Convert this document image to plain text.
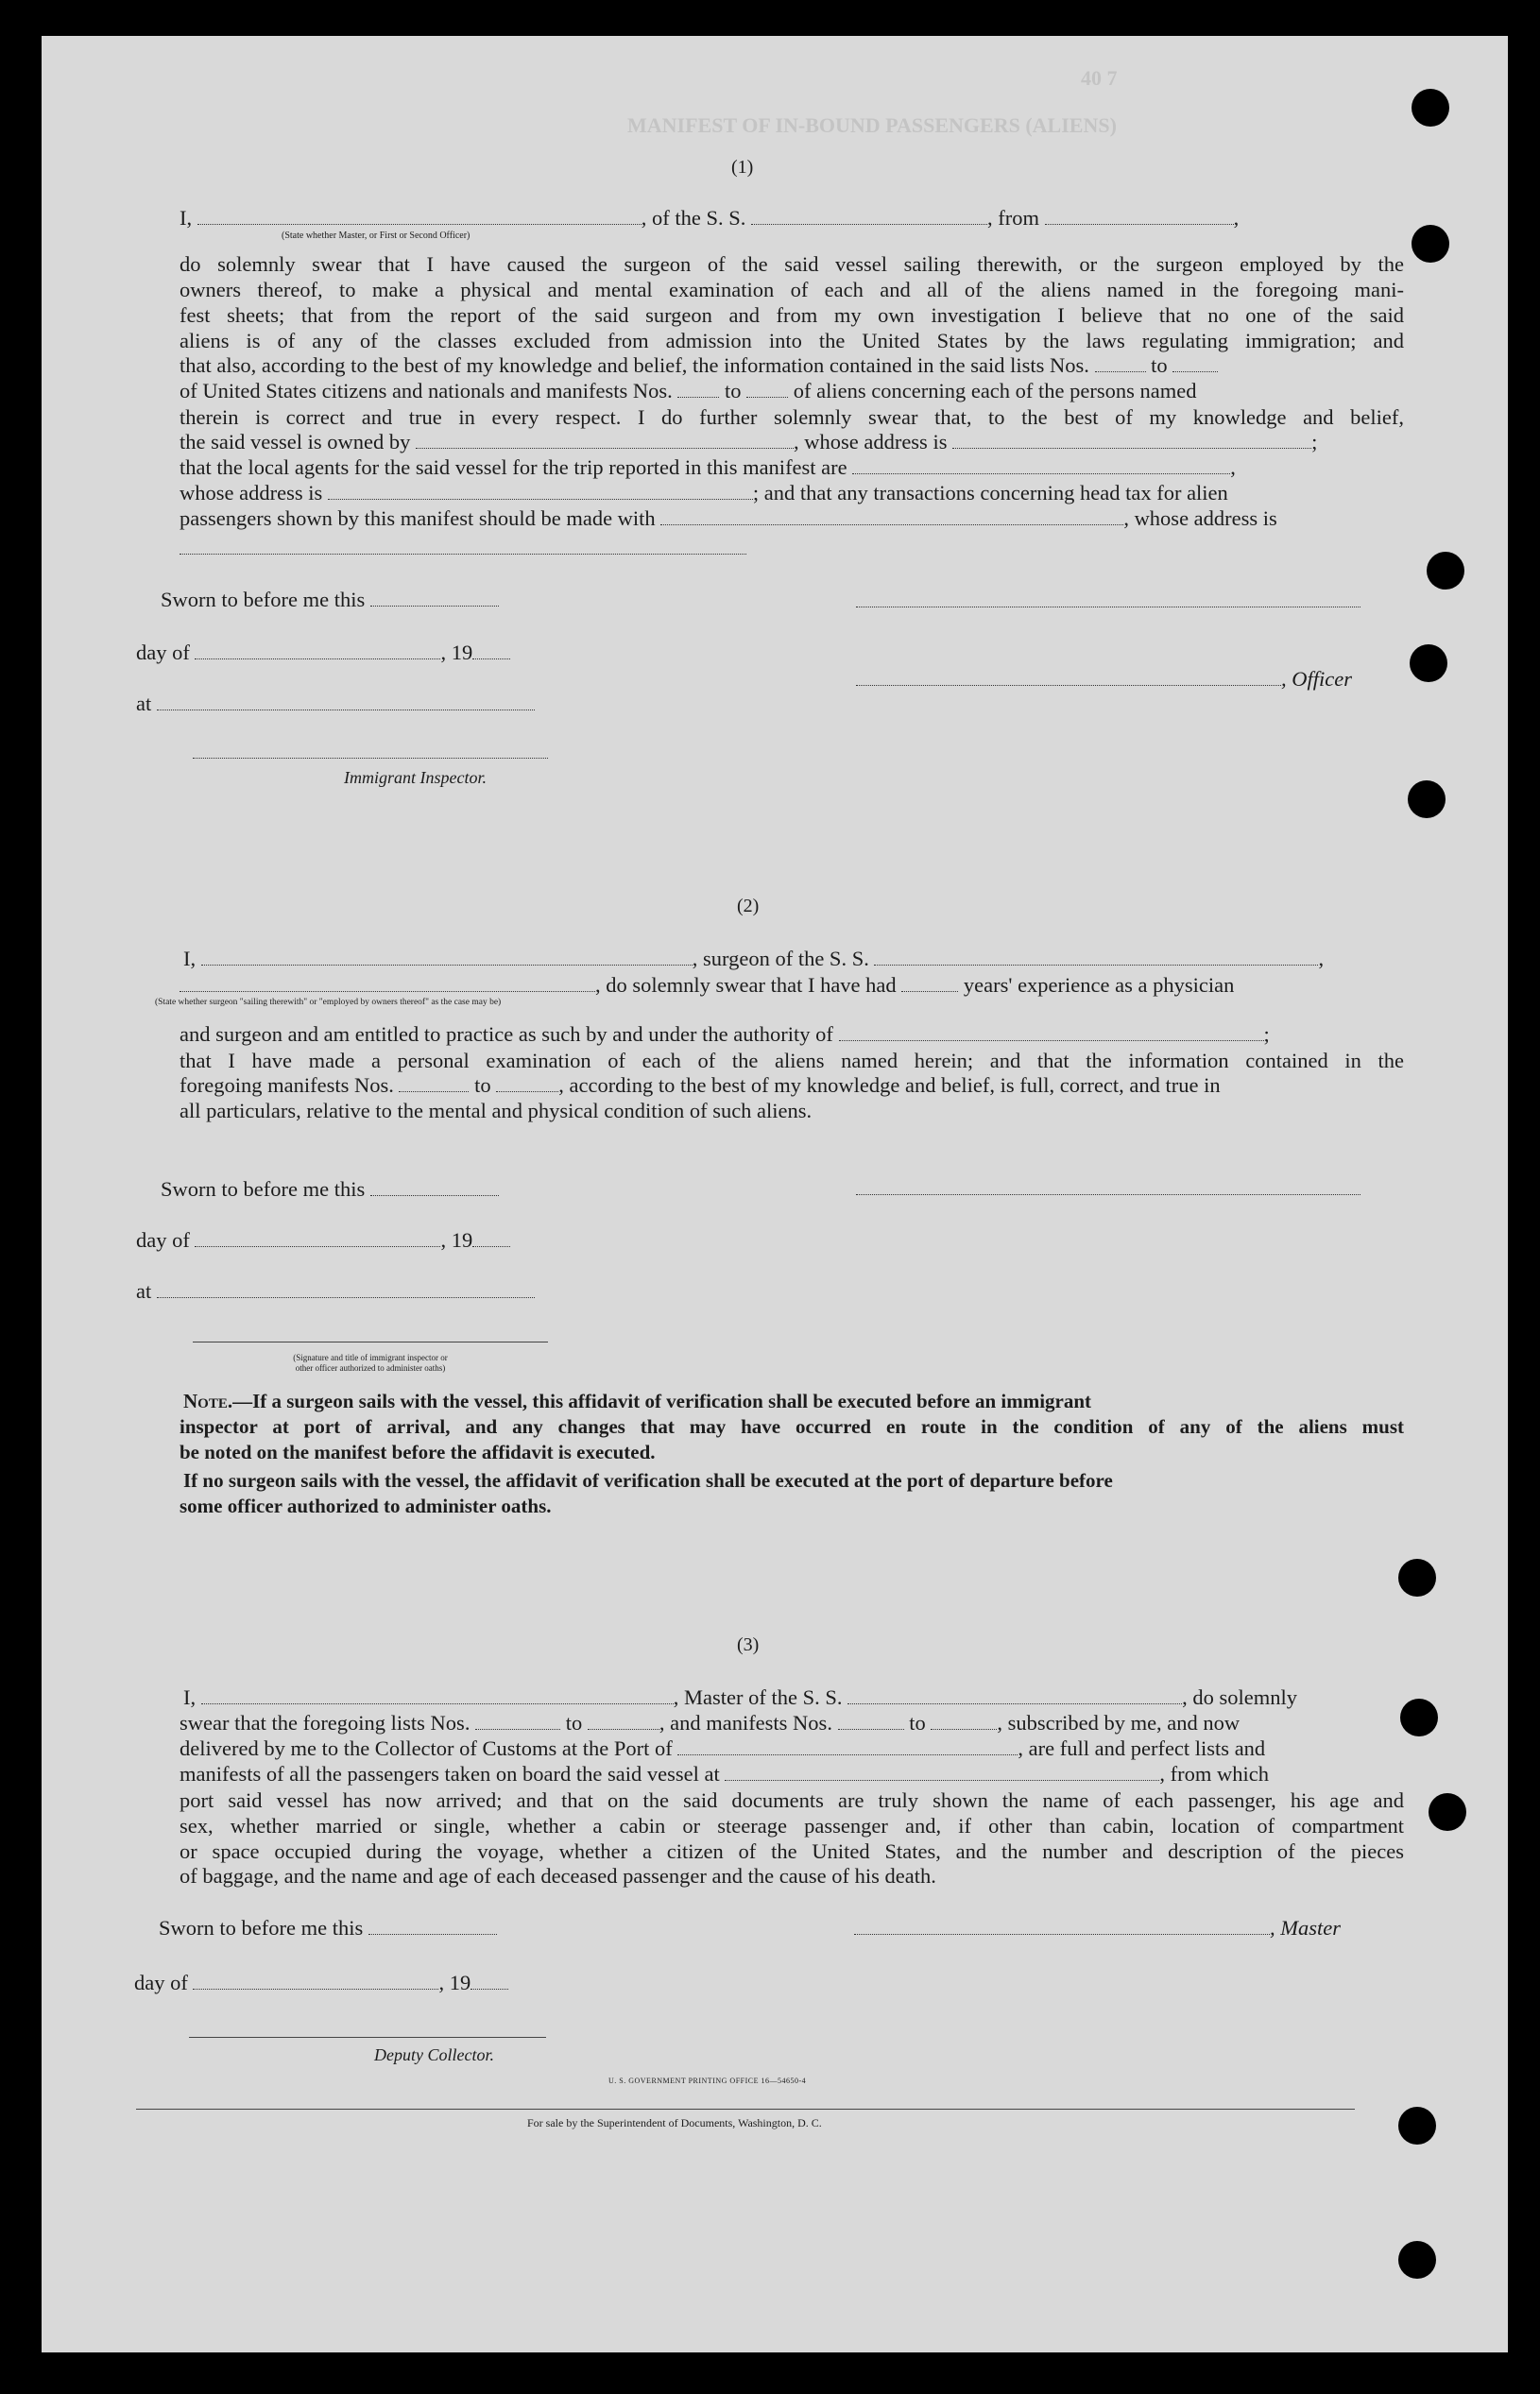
40 7
MANIFEST OF IN-BOUND PASSENGERS (ALIENS)
(1)
I,	, of the S. S.	, from	,
(State whether Master, or First or Second Officer)
do solemnly swear that I have caused the surgeon of the said vessel sailing therewith, or the surgeon employed by the
owners thereof, to make a physical and mental examination of each and all of the aliens named in the foregoing mani-
fest sheets; that from the report of the said surgeon and from my own investigation I believe that no one of the said
aliens is of any of the classes excluded from admission into the United States by the laws regulating immigration; and
that also, according to the best of my knowledge and belief, the information contained in the said lists Nos.	to
of United States citizens and nationals and manifests Nos. to of aliens concerning each of the persons named
therein is correct and true in every respect. I do further solemnly swear that, to the best of my knowledge and belief,
the said vessel is owned by	, whose address is	;
that the local agents for the said vessel for the trip reported in this manifest are	,
whose address is	; and that any transactions concerning head tax for alien
passengers shown by this manifest should be made with	, whose address is
Sworn to before me this
day of	, 19
, Officer
at
Immigrant Inspector.
(2)
I,	, surgeon of the S. S.	,
, do solemnly swear that I have had	years' experience as a physician
(State whether surgeon "sailing therewith" or "employed by owners thereof" as the case may be)
and surgeon and am entitled to practice as such by and under the authority of	;
that I have made a personal examination of each of the aliens named herein; and that the information contained in the
foregoing manifests Nos.	to	, according to the best of my knowledge and belief, is full, correct, and true in
all particulars, relative to the mental and physical condition of such aliens.
Sworn to before me this
day of	, 19
at
(Signature and title of immigrant inspector or
other officer authorized to administer oaths)
Note.—If a surgeon sails with the vessel, this affidavit of verification shall be executed before an immigrant
inspector at port of arrival, and any changes that may have occurred en route in the condition of any of the aliens must
be noted on the manifest before the affidavit is executed.
If no surgeon sails with the vessel, the affidavit of verification shall be executed at the port of departure before
some officer authorized to administer oaths.
(3)
I,	, Master of the S. S.	, do solemnly
swear that the foregoing lists Nos.	to	, and manifests Nos.	to	, subscribed by me, and now
delivered by me to the Collector of Customs at the Port of	, are full and perfect lists and
manifests of all the passengers taken on board the said vessel at	, from which
port said vessel has now arrived; and that on the said documents are truly shown the name of each passenger, his age and
sex, whether married or single, whether a cabin or steerage passenger and, if other than cabin, location of compartment
or space occupied during the voyage, whether a citizen of the United States, and the number and description of the pieces
of baggage, and the name and age of each deceased passenger and the cause of his death.
Sworn to before me this	, Master
day of	, 19
Deputy Collector.
U. S. GOVERNMENT PRINTING OFFICE 16—54650-4
For sale by the Superintendent of Documents, Washington, D. C.
